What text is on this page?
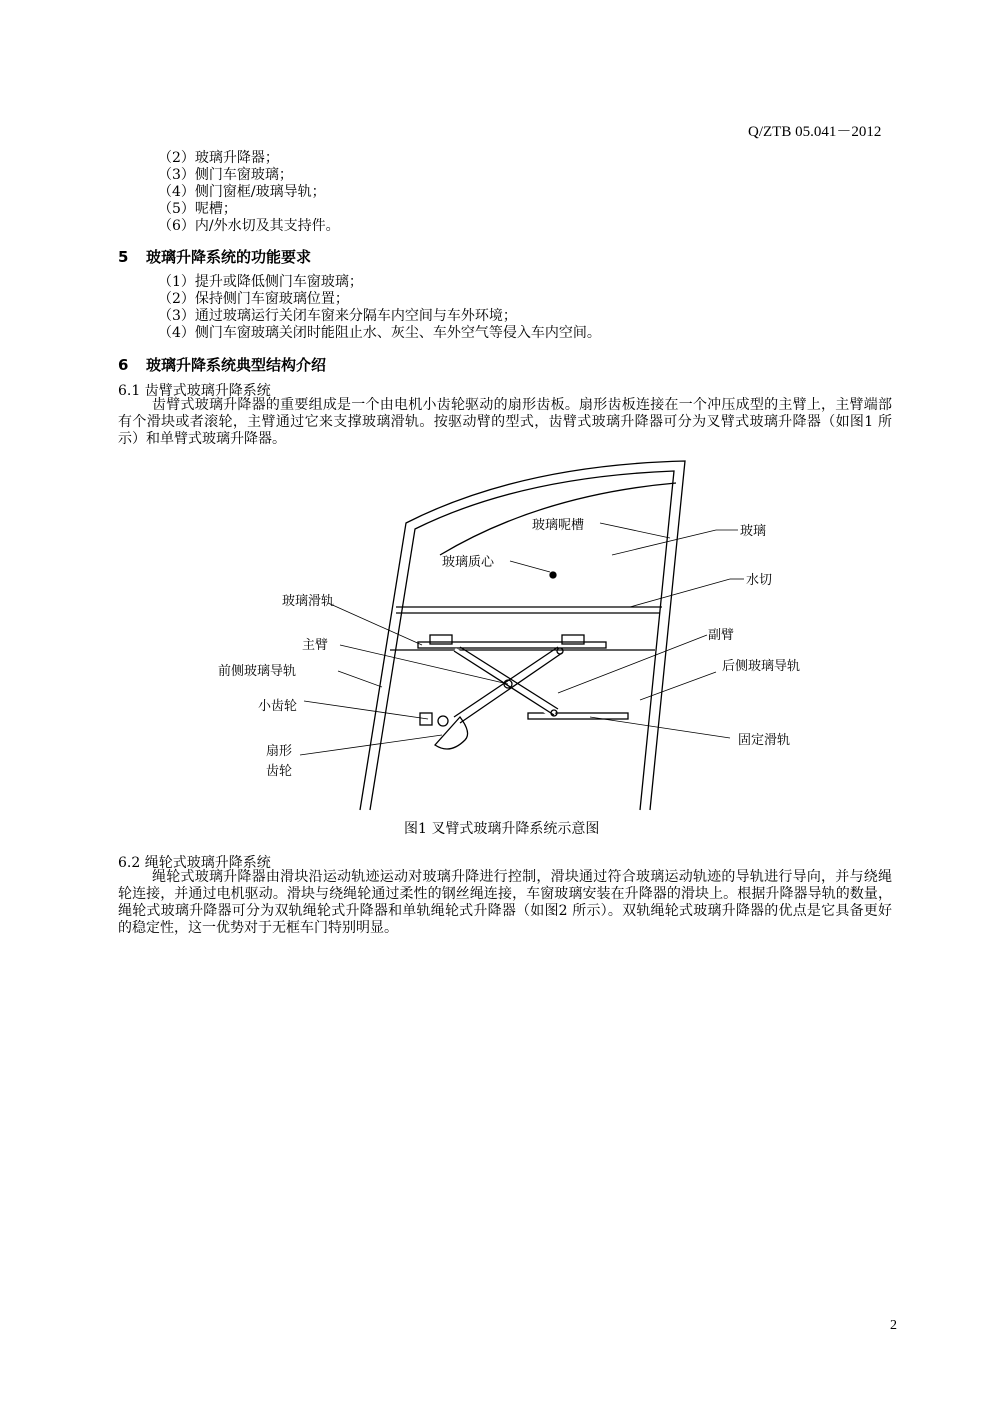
Q/ZTB 05.041－2012
（2）玻璃升降器；
（3）侧门车窗玻璃；
（4）侧门窗框/玻璃导轨；
（5）呢槽；
（6）内/外水切及其支持件。
5 玻璃升降系统的功能要求
（1）提升或降低侧门车窗玻璃；
（2）保持侧门车窗玻璃位置；
（3）通过玻璃运行关闭车窗来分隔车内空间与车外环境；
（4）侧门车窗玻璃关闭时能阻止水、灰尘、车外空气等侵入车内空间。
6 玻璃升降系统典型结构介绍
6.1 齿臂式玻璃升降系统
齿臂式玻璃升降器的重要组成是一个由电机小齿轮驱动的扇形齿板。扇形齿板连接在一个冲压成型的主臂上，主臂端部有个滑块或者滚轮，主臂通过它来支撑玻璃滑轨。按驱动臂的型式，齿臂式玻璃升降器可分为叉臂式玻璃升降器（如图1 所示）和单臂式玻璃升降器。
玻璃呢槽	玻璃
玻璃质心
水切
玻璃滑轨
主臂
副臂
前侧玻璃导轨	后侧玻璃导轨
小齿轮
固定滑轨
扇形
齿轮
图1 叉臂式玻璃升降系统示意图
6.2 绳轮式玻璃升降系统
绳轮式玻璃升降器由滑块沿运动轨迹运动对玻璃升降进行控制，滑块通过符合玻璃运动轨迹的导轨进行导向，并与绕绳轮连接，并通过电机驱动。滑块与绕绳轮通过柔性的钢丝绳连接，车窗玻璃安装在升降器的滑块上。根据升降器导轨的数量，绳轮式玻璃升降器可分为双轨绳轮式升降器和单轨绳轮式升降器（如图2 所示）。双轨绳轮式玻璃升降器的优点是它具备更好的稳定性，这一优势对于无框车门特别明显。
2
